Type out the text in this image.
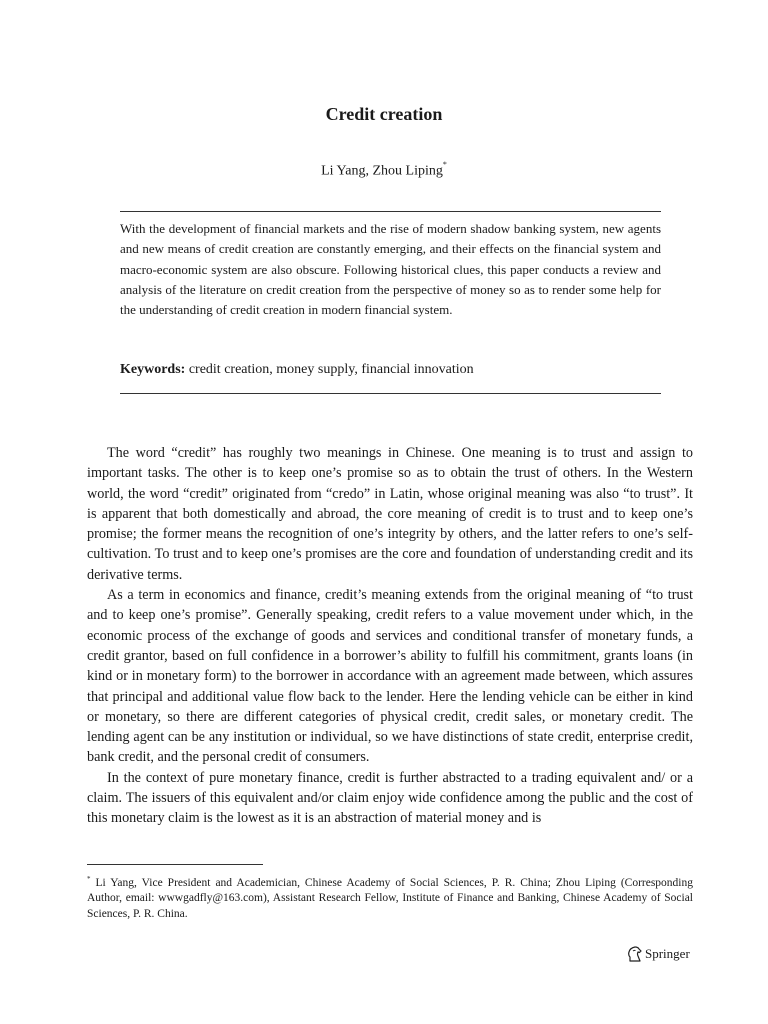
Credit creation
Li Yang, Zhou Liping*

With the development of financial markets and the rise of modern shadow banking system, new agents and new means of credit creation are constantly emerging, and their effects on the financial system and macro-economic system are also obscure. Following historical clues, this paper conducts a review and analysis of the literature on credit creation from the perspective of money so as to render some help for the understanding of credit creation in modern financial system.

Keywords: credit creation, money supply, financial innovation

The word “credit” has roughly two meanings in Chinese. One meaning is to trust and assign to important tasks. The other is to keep one’s promise so as to obtain the trust of others. In the Western world, the word “credit” originated from “credo” in Latin, whose original meaning was also “to trust”. It is apparent that both domestically and abroad, the core meaning of credit is to trust and to keep one’s promise; the former means the recognition of one’s integrity by others, and the latter refers to one’s self-cultivation. To trust and to keep one’s promises are the core and foundation of understanding credit and its derivative terms.

As a term in economics and finance, credit’s meaning extends from the original meaning of “to trust and to keep one’s promise”. Generally speaking, credit refers to a value movement under which, in the economic process of the exchange of goods and services and conditional transfer of monetary funds, a credit grantor, based on full confidence in a borrower’s ability to fulfill his commitment, grants loans (in kind or in monetary form) to the borrower in accordance with an agreement made between, which assures that principal and additional value flow back to the lender. Here the lending vehicle can be either in kind or monetary, so there are different categories of physical credit, credit sales, or monetary credit. The lending agent can be any institution or individual, so we have distinctions of state credit, enterprise credit, bank credit, and the personal credit of consumers.

In the context of pure monetary finance, credit is further abstracted to a trading equivalent and/ or a claim. The issuers of this equivalent and/or claim enjoy wide confidence among the public and the cost of this monetary claim is the lowest as it is an abstraction of material money and is

* Li Yang, Vice President and Academician, Chinese Academy of Social Sciences, P. R. China; Zhou Liping (Corresponding Author, email: wwwgadfly@163.com), Assistant Research Fellow, Institute of Finance and Banking, Chinese Academy of Social Sciences, P. R. China.

Springer
